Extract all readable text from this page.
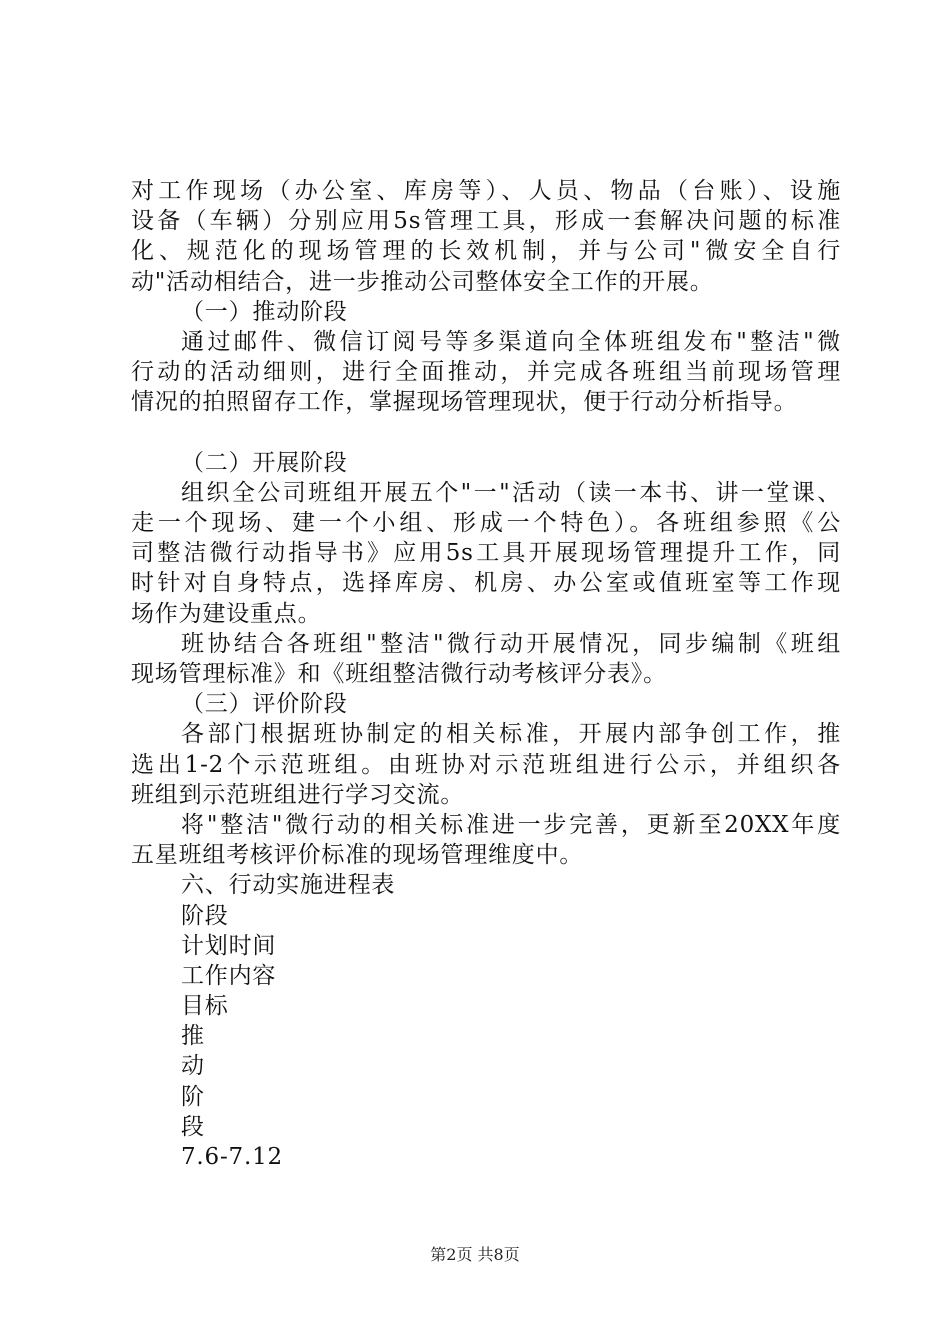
对工作现场（办公室、库房等）、人员、物品（台账）、设施
设备（车辆）分别应用5s管理工具，形成一套解决问题的标准
化、规范化的现场管理的长效机制，并与公司"微安全自行
动"活动相结合，进一步推动公司整体安全工作的开展。
（一）推动阶段
通过邮件、微信订阅号等多渠道向全体班组发布"整洁"微
行动的活动细则，进行全面推动，并完成各班组当前现场管理
情况的拍照留存工作，掌握现场管理现状，便于行动分析指导。
（二）开展阶段
组织全公司班组开展五个"一"活动（读一本书、讲一堂课、
走一个现场、建一个小组、形成一个特色）。各班组参照《公
司整洁微行动指导书》应用5s工具开展现场管理提升工作，同
时针对自身特点，选择库房、机房、办公室或值班室等工作现
场作为建设重点。
班协结合各班组"整洁"微行动开展情况，同步编制《班组
现场管理标准》和《班组整洁微行动考核评分表》。
（三）评价阶段
各部门根据班协制定的相关标准，开展内部争创工作，推
选出1-2个示范班组。由班协对示范班组进行公示，并组织各
班组到示范班组进行学习交流。
将"整洁"微行动的相关标准进一步完善，更新至20XX年度
五星班组考核评价标准的现场管理维度中。
六、行动实施进程表
阶段
计划时间
工作内容
目标
推
动
阶
段
7.6-7.12
第2页 共8页
